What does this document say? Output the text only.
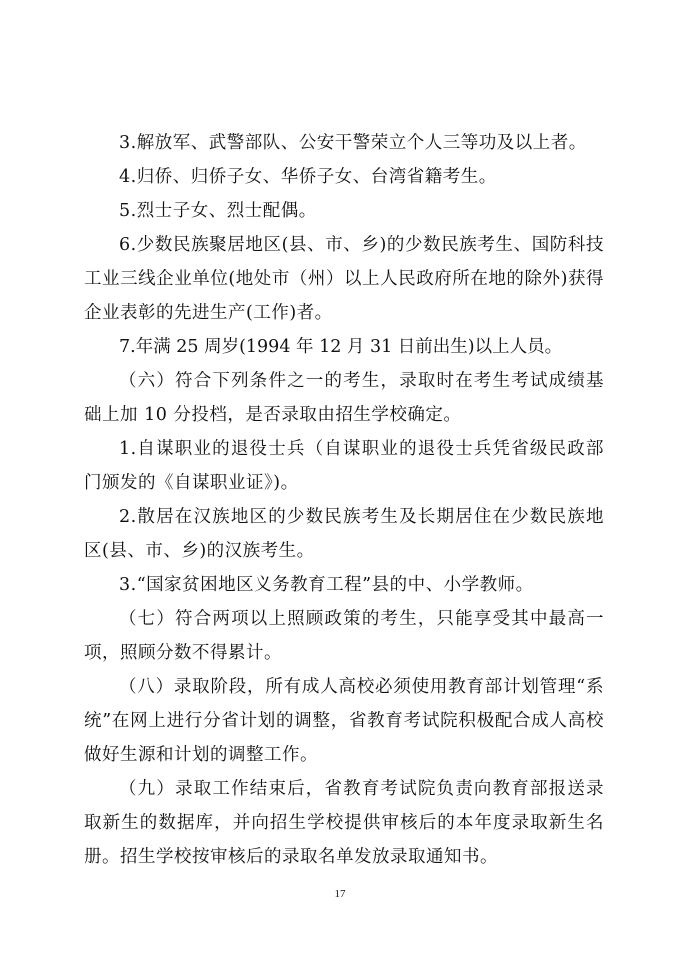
3.解放军、武警部队、公安干警荣立个人三等功及以上者。

4.归侨、归侨子女、华侨子女、台湾省籍考生。

5.烈士子女、烈士配偶。

6.少数民族聚居地区(县、市、乡)的少数民族考生、国防科技工业三线企业单位(地处市（州）以上人民政府所在地的除外)获得企业表彰的先进生产(工作)者。

7.年满 25 周岁(1994 年 12 月 31 日前出生)以上人员。

（六）符合下列条件之一的考生，录取时在考生考试成绩基础上加 10 分投档，是否录取由招生学校确定。

1.自谋职业的退役士兵（自谋职业的退役士兵凭省级民政部门颁发的《自谋职业证》)。

2.散居在汉族地区的少数民族考生及长期居住在少数民族地区(县、市、乡)的汉族考生。

3.“国家贫困地区义务教育工程”县的中、小学教师。

（七）符合两项以上照顾政策的考生，只能享受其中最高一项，照顾分数不得累计。

（八）录取阶段，所有成人高校必须使用教育部计划管理“系统”在网上进行分省计划的调整，省教育考试院积极配合成人高校做好生源和计划的调整工作。

（九）录取工作结束后，省教育考试院负责向教育部报送录取新生的数据库，并向招生学校提供审核后的本年度录取新生名册。招生学校按审核后的录取名单发放录取通知书。

17
